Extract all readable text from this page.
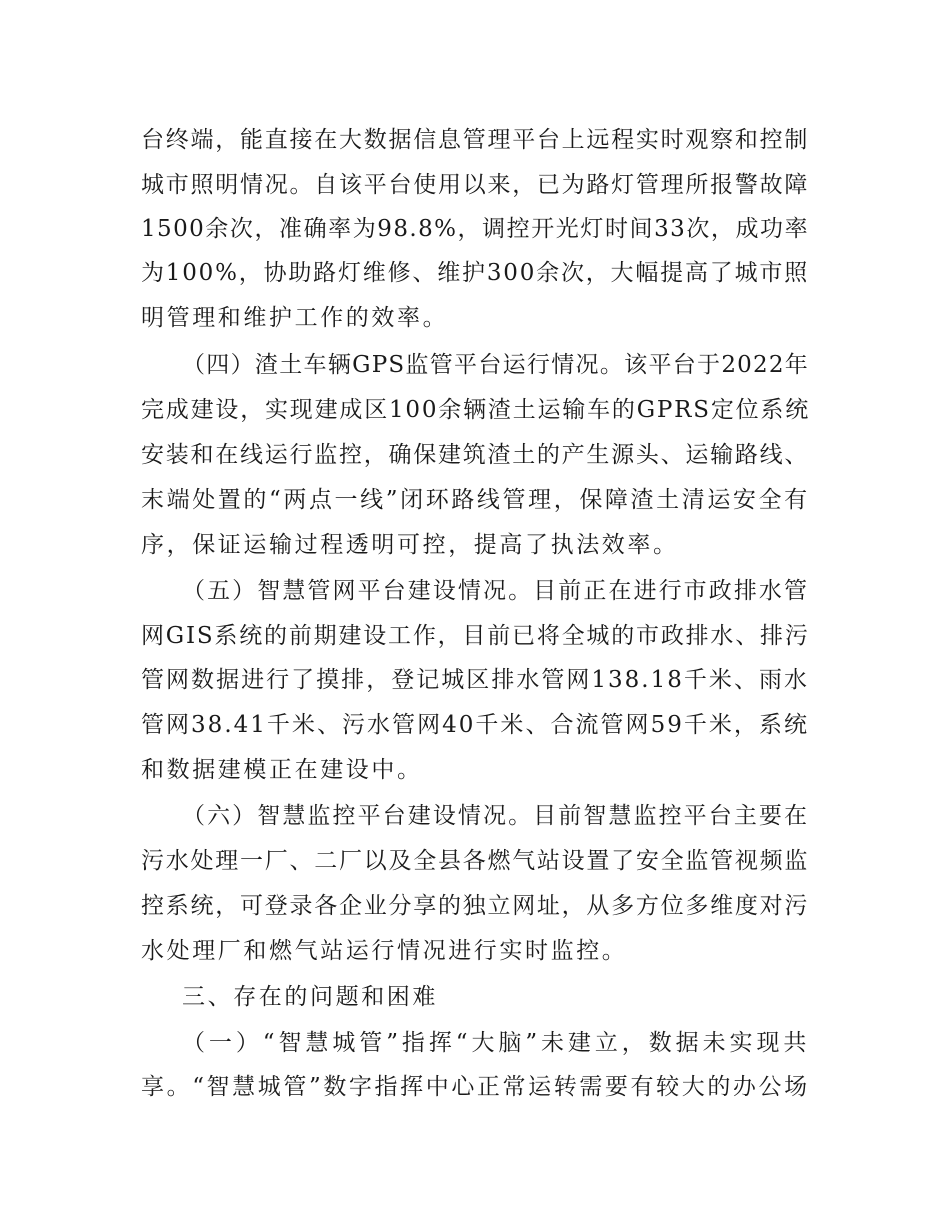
台终端，能直接在大数据信息管理平台上远程实时观察和控制
城市照明情况。自该平台使用以来，已为路灯管理所报警故障
1500余次，准确率为98.8%，调控开光灯时间33次，成功率
为100%，协助路灯维修、维护300余次，大幅提高了城市照
明管理和维护工作的效率。
（四）渣土车辆GPS监管平台运行情况。该平台于2022年
完成建设，实现建成区100余辆渣土运输车的GPRS定位系统
安装和在线运行监控，确保建筑渣土的产生源头、运输路线、
末端处置的“两点一线”闭环路线管理，保障渣土清运安全有
序，保证运输过程透明可控，提高了执法效率。
（五）智慧管网平台建设情况。目前正在进行市政排水管
网GIS系统的前期建设工作，目前已将全城的市政排水、排污
管网数据进行了摸排，登记城区排水管网138.18千米、雨水
管网38.41千米、污水管网40千米、合流管网59千米，系统
和数据建模正在建设中。
（六）智慧监控平台建设情况。目前智慧监控平台主要在
污水处理一厂、二厂以及全县各燃气站设置了安全监管视频监
控系统，可登录各企业分享的独立网址，从多方位多维度对污
水处理厂和燃气站运行情况进行实时监控。
三、存在的问题和困难
（一）“智慧城管”指挥“大脑”未建立，数据未实现共
享。“智慧城管”数字指挥中心正常运转需要有较大的办公场
